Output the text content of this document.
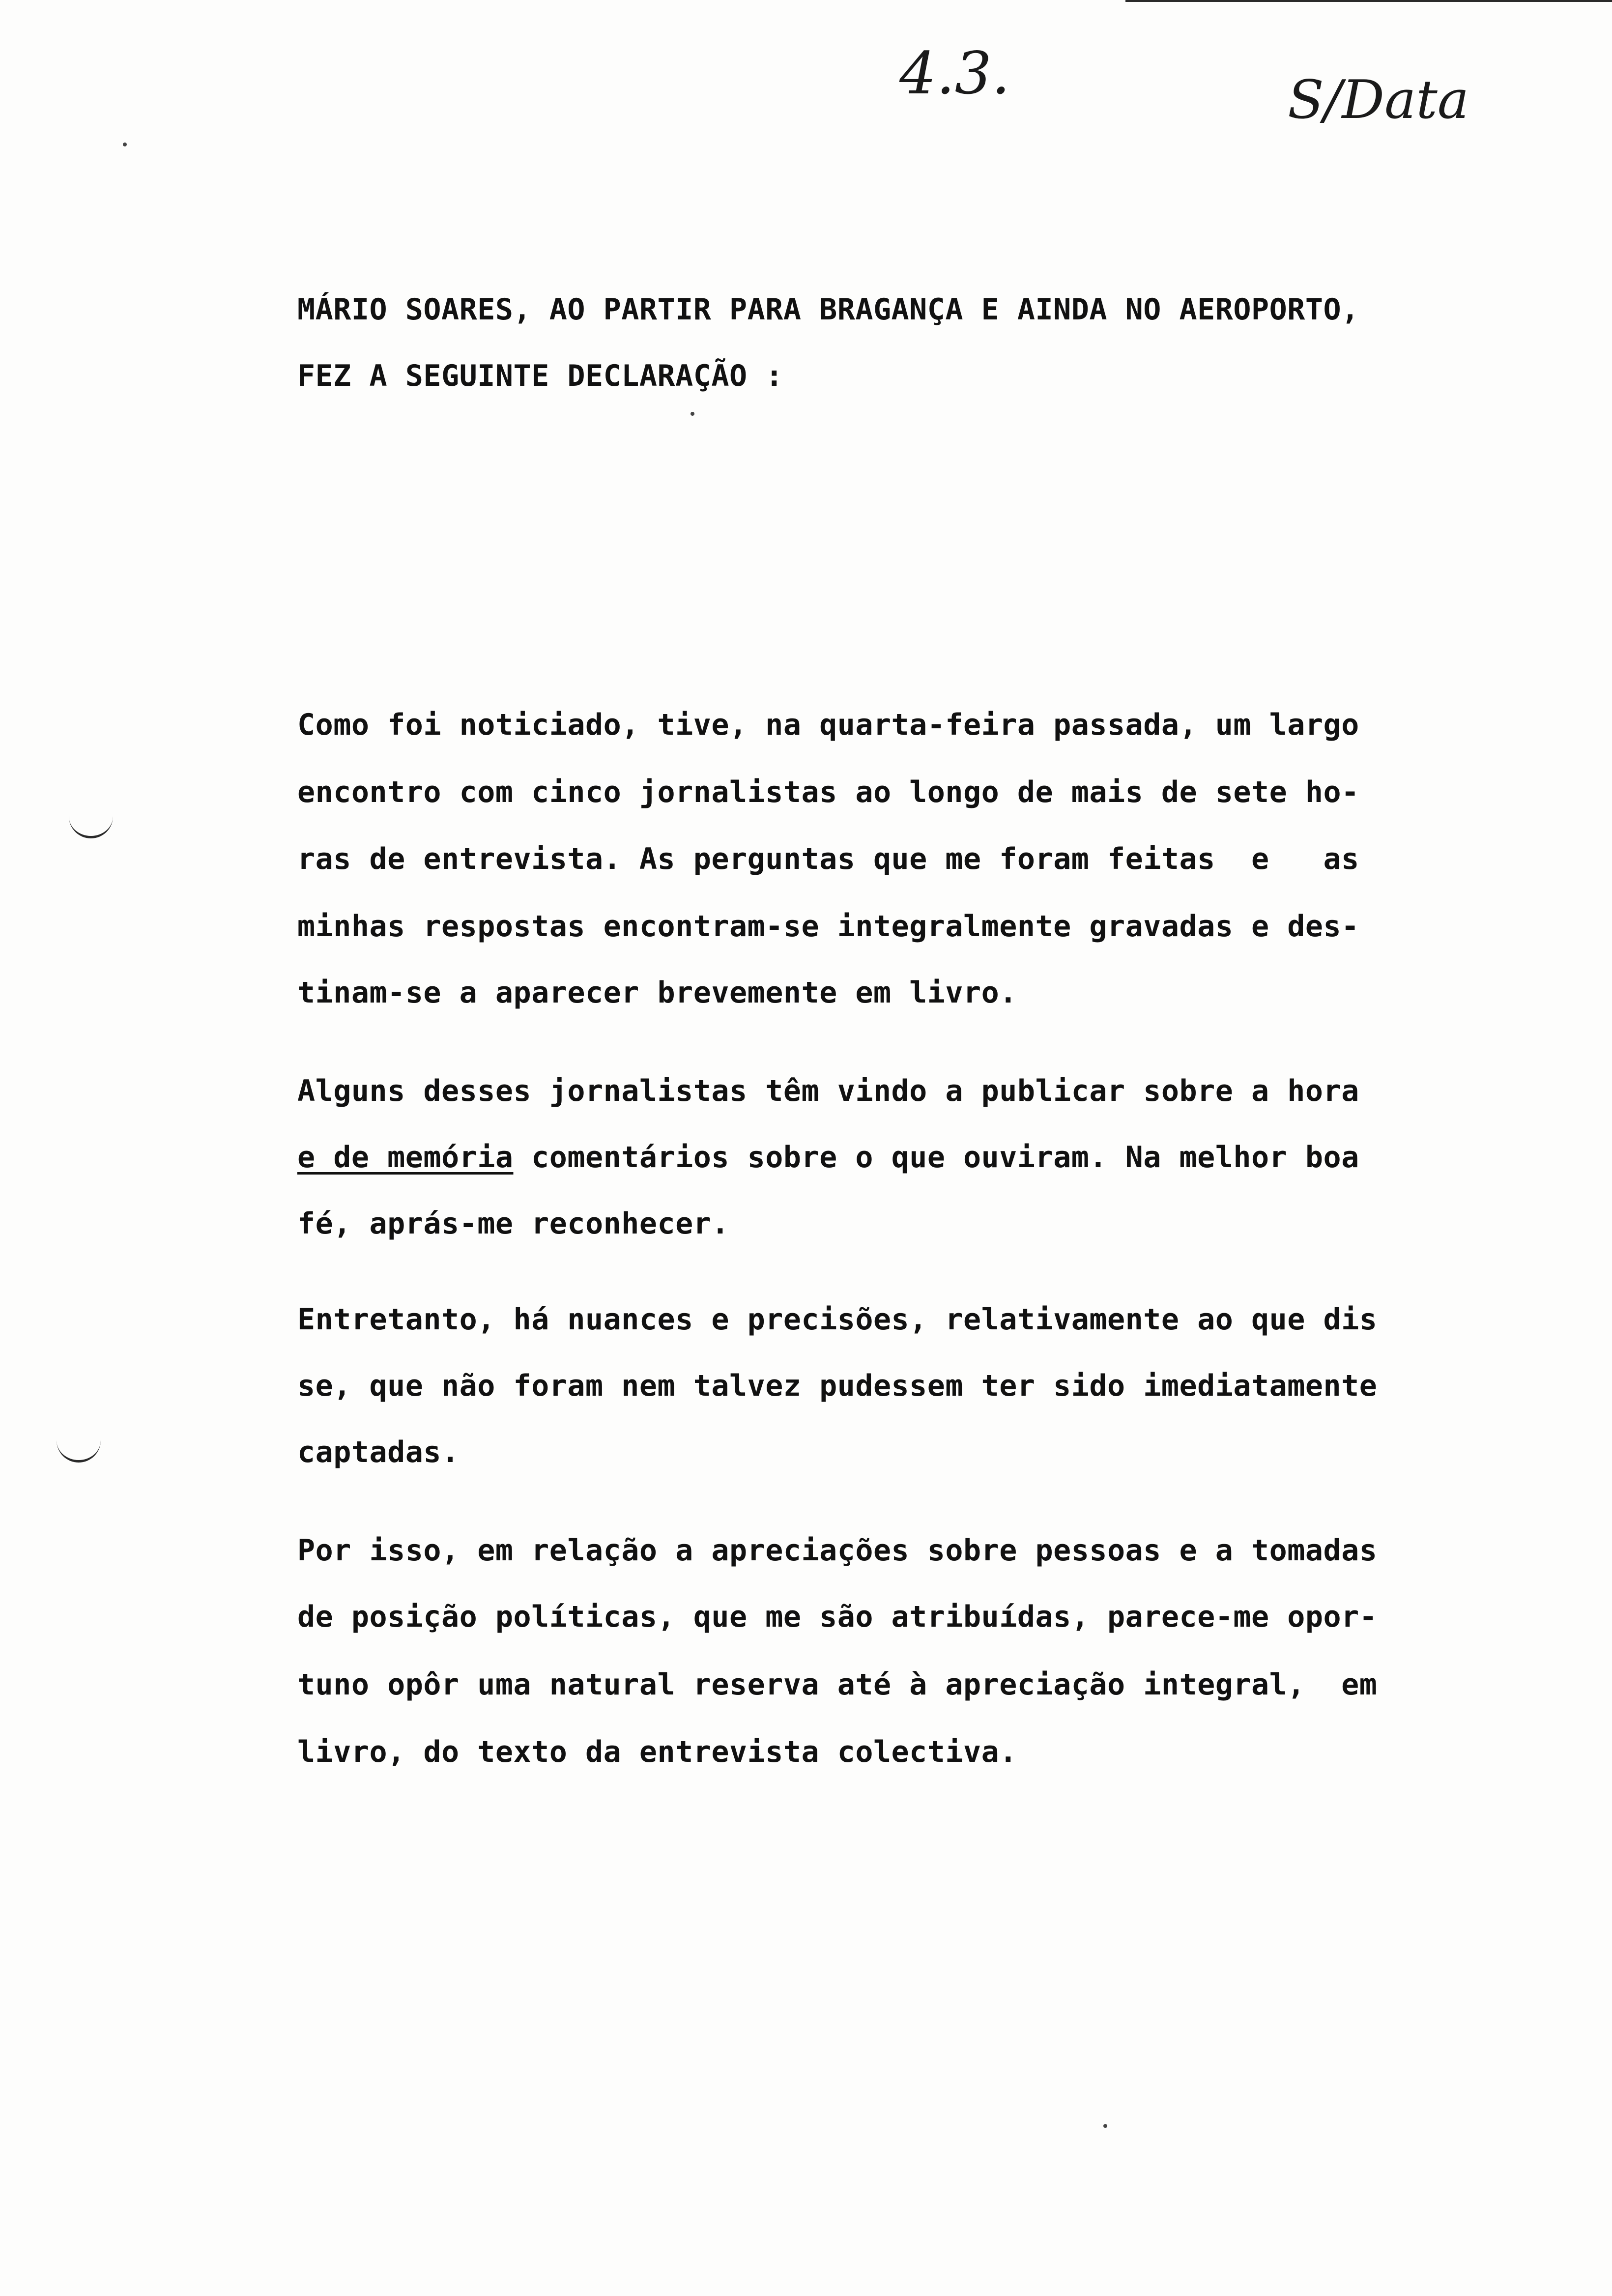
4.3.	S/Data
MÁRIO SOARES, AO PARTIR PARA BRAGANÇA E AINDA NO AEROPORTO,
FEZ A SEGUINTE DECLARAÇÃO :
Como foi noticiado, tive, na quarta-feira passada, um largo
encontro com cinco jornalistas ao longo de mais de sete ho-
ras de entrevista. As perguntas que me foram feitas  e   as
minhas respostas encontram-se integralmente gravadas e des-
tinam-se a aparecer brevemente em livro.
Alguns desses jornalistas têm vindo a publicar sobre a hora
e de memória comentários sobre o que ouviram. Na melhor boa
fé, aprás-me reconhecer.
Entretanto, há nuances e precisões, relativamente ao que dis
se, que não foram nem talvez pudessem ter sido imediatamente
captadas.
Por isso, em relação a apreciações sobre pessoas e a tomadas
de posição políticas, que me são atribuídas, parece-me opor-
tuno opôr uma natural reserva até à apreciação integral,  em
livro, do texto da entrevista colectiva.
